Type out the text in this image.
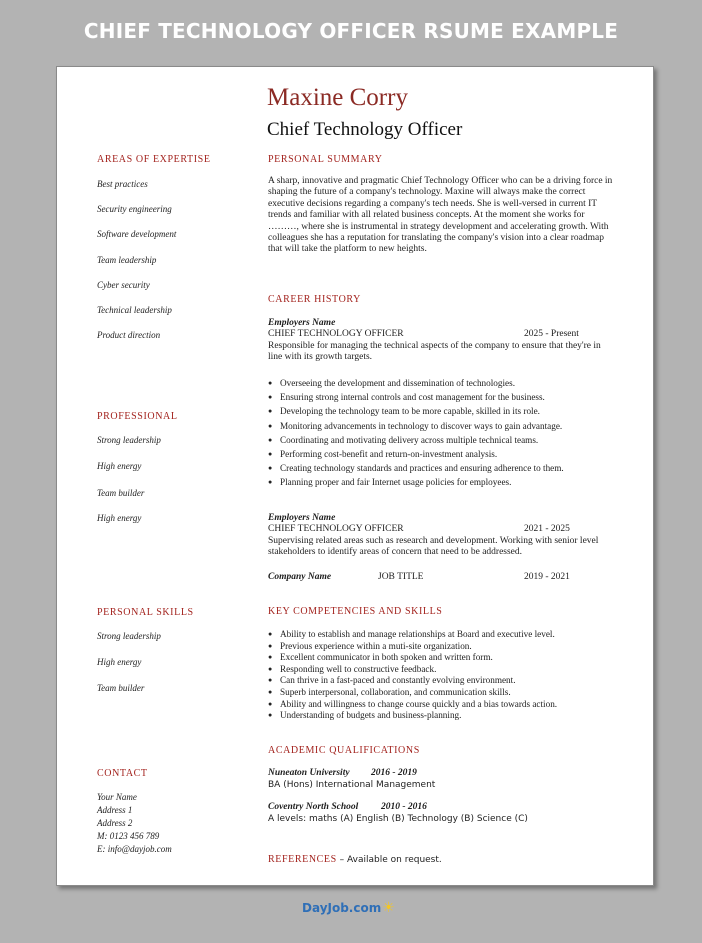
CHIEF TECHNOLOGY OFFICER RSUME EXAMPLE
Maxine Corry
Chief Technology Officer
AREAS OF EXPERTISE
Best practices
Security engineering
Software development
Team leadership
Cyber security
Technical leadership
Product direction
PROFESSIONAL
Strong leadership
High energy
Team builder
High energy
PERSONAL SKILLS
Strong leadership
High energy
Team builder
CONTACT
Your Name
Address 1
Address 2
M: 0123 456 789
E: info@dayjob.com
PERSONAL SUMMARY
A sharp, innovative and pragmatic Chief Technology Officer who can be a driving force in shaping the future of a company's technology. Maxine will always make the correct executive decisions regarding a company's tech needs. She is well-versed in current IT trends and familiar with all related business concepts. At the moment she works for ………, where she is instrumental in strategy development and accelerating growth. With colleagues she has a reputation for translating the company's vision into a clear roadmap that will take the platform to new heights.
CAREER HISTORY
Employers Name
CHIEF TECHNOLOGY OFFICER	2025 - Present
Responsible for managing the technical aspects of the company to ensure that they're in line with its growth targets.
● Overseeing the development and dissemination of technologies.
● Ensuring strong internal controls and cost management for the business.
● Developing the technology team to be more capable, skilled in its role.
● Monitoring advancements in technology to discover ways to gain advantage.
● Coordinating and motivating delivery across multiple technical teams.
● Performing cost-benefit and return-on-investment analysis.
● Creating technology standards and practices and ensuring adherence to them.
● Planning proper and fair Internet usage policies for employees.
Employers Name
CHIEF TECHNOLOGY OFFICER	2021 - 2025
Supervising related areas such as research and development. Working with senior level stakeholders to identify areas of concern that need to be addressed.
Company Name	JOB TITLE	2019 - 2021
KEY COMPETENCIES AND SKILLS
● Ability to establish and manage relationships at Board and executive level.
● Previous experience within a muti-site organization.
● Excellent communicator in both spoken and written form.
● Responding well to constructive feedback.
● Can thrive in a fast-paced and constantly evolving environment.
● Superb interpersonal, collaboration, and communication skills.
● Ability and willingness to change course quickly and a bias towards action.
● Understanding of budgets and business-planning.
ACADEMIC QUALIFICATIONS
Nuneaton University 2016 - 2019
BA (Hons) International Management
Coventry North School 2010 - 2016
A levels: maths (A) English (B) Technology (B) Science (C)
REFERENCES – Available on request.
DayJob.com☀
